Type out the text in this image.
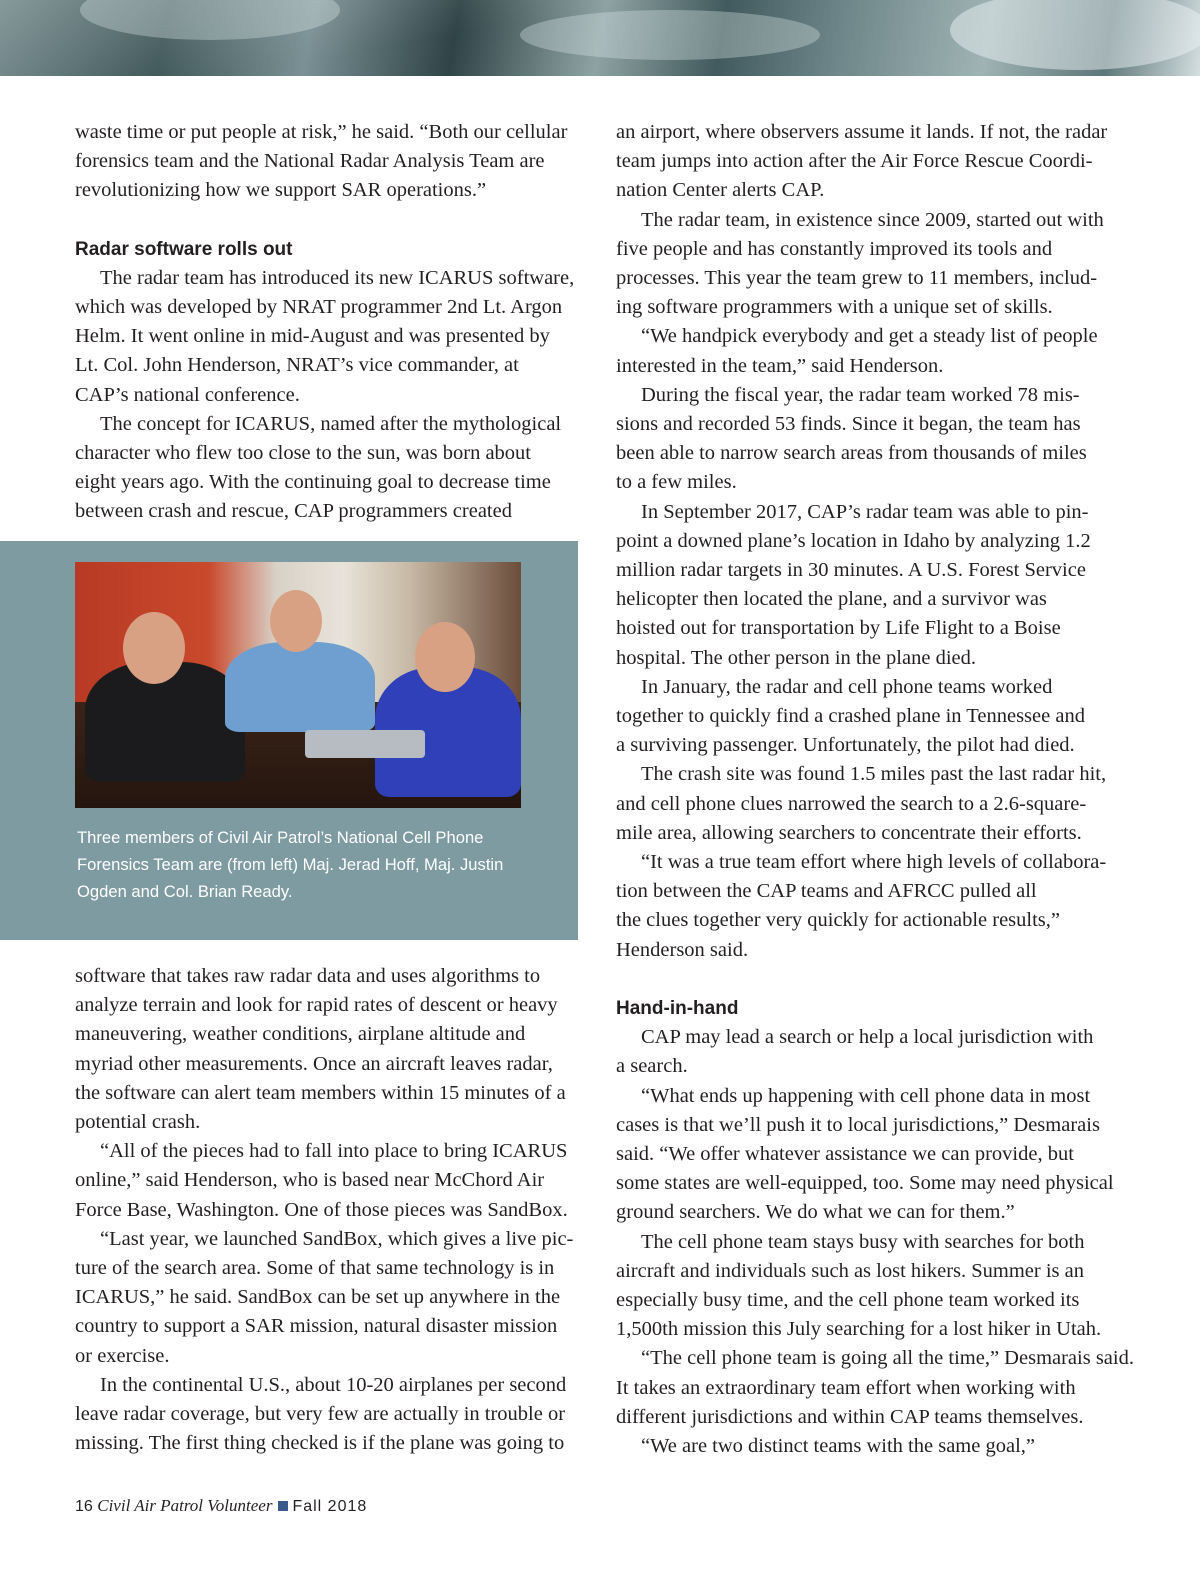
waste time or put people at risk,” he said. “Both our cellular
forensics team and the National Radar Analysis Team are
revolutionizing how we support SAR operations.”
Radar software rolls out
The radar team has introduced its new ICARUS software,
which was developed by NRAT programmer 2nd Lt. Argon
Helm. It went online in mid-August and was presented by
Lt. Col. John Henderson, NRAT’s vice commander, at
CAP’s national conference.
The concept for ICARUS, named after the mythological
character who flew too close to the sun, was born about
eight years ago. With the continuing goal to decrease time
between crash and rescue, CAP programmers created
Three members of Civil Air Patrol’s National Cell Phone
Forensics Team are (from left) Maj. Jerad Hoff, Maj. Justin
Ogden and Col. Brian Ready.
software that takes raw radar data and uses algorithms to
analyze terrain and look for rapid rates of descent or heavy
maneuvering, weather conditions, airplane altitude and
myriad other measurements. Once an aircraft leaves radar,
the software can alert team members within 15 minutes of a
potential crash.
“All of the pieces had to fall into place to bring ICARUS
online,” said Henderson, who is based near McChord Air
Force Base, Washington. One of those pieces was SandBox.
“Last year, we launched SandBox, which gives a live pic-
ture of the search area. Some of that same technology is in
ICARUS,” he said. SandBox can be set up anywhere in the
country to support a SAR mission, natural disaster mission
or exercise.
In the continental U.S., about 10-20 airplanes per second
leave radar coverage, but very few are actually in trouble or
missing. The first thing checked is if the plane was going to
an airport, where observers assume it lands. If not, the radar
team jumps into action after the Air Force Rescue Coordi-
nation Center alerts CAP.
The radar team, in existence since 2009, started out with
five people and has constantly improved its tools and
processes. This year the team grew to 11 members, includ-
ing software programmers with a unique set of skills.
“We handpick everybody and get a steady list of people
interested in the team,” said Henderson.
During the fiscal year, the radar team worked 78 mis-
sions and recorded 53 finds. Since it began, the team has
been able to narrow search areas from thousands of miles
to a few miles.
In September 2017, CAP’s radar team was able to pin-
point a downed plane’s location in Idaho by analyzing 1.2
million radar targets in 30 minutes. A U.S. Forest Service
helicopter then located the plane, and a survivor was
hoisted out for transportation by Life Flight to a Boise
hospital. The other person in the plane died.
In January, the radar and cell phone teams worked
together to quickly find a crashed plane in Tennessee and
a surviving passenger. Unfortunately, the pilot had died.
The crash site was found 1.5 miles past the last radar hit,
and cell phone clues narrowed the search to a 2.6-square-
mile area, allowing searchers to concentrate their efforts.
“It was a true team effort where high levels of collabora-
tion between the CAP teams and AFRCC pulled all
the clues together very quickly for actionable results,”
Henderson said.
Hand-in-hand
CAP may lead a search or help a local jurisdiction with
a search.
“What ends up happening with cell phone data in most
cases is that we’ll push it to local jurisdictions,” Desmarais
said. “We offer whatever assistance we can provide, but
some states are well-equipped, too. Some may need physical
ground searchers. We do what we can for them.”
The cell phone team stays busy with searches for both
aircraft and individuals such as lost hikers. Summer is an
especially busy time, and the cell phone team worked its
1,500th mission this July searching for a lost hiker in Utah.
“The cell phone team is going all the time,” Desmarais said.
It takes an extraordinary team effort when working with
different jurisdictions and within CAP teams themselves.
“We are two distinct teams with the same goal,”
16 Civil Air Patrol Volunteer Fall 2018
